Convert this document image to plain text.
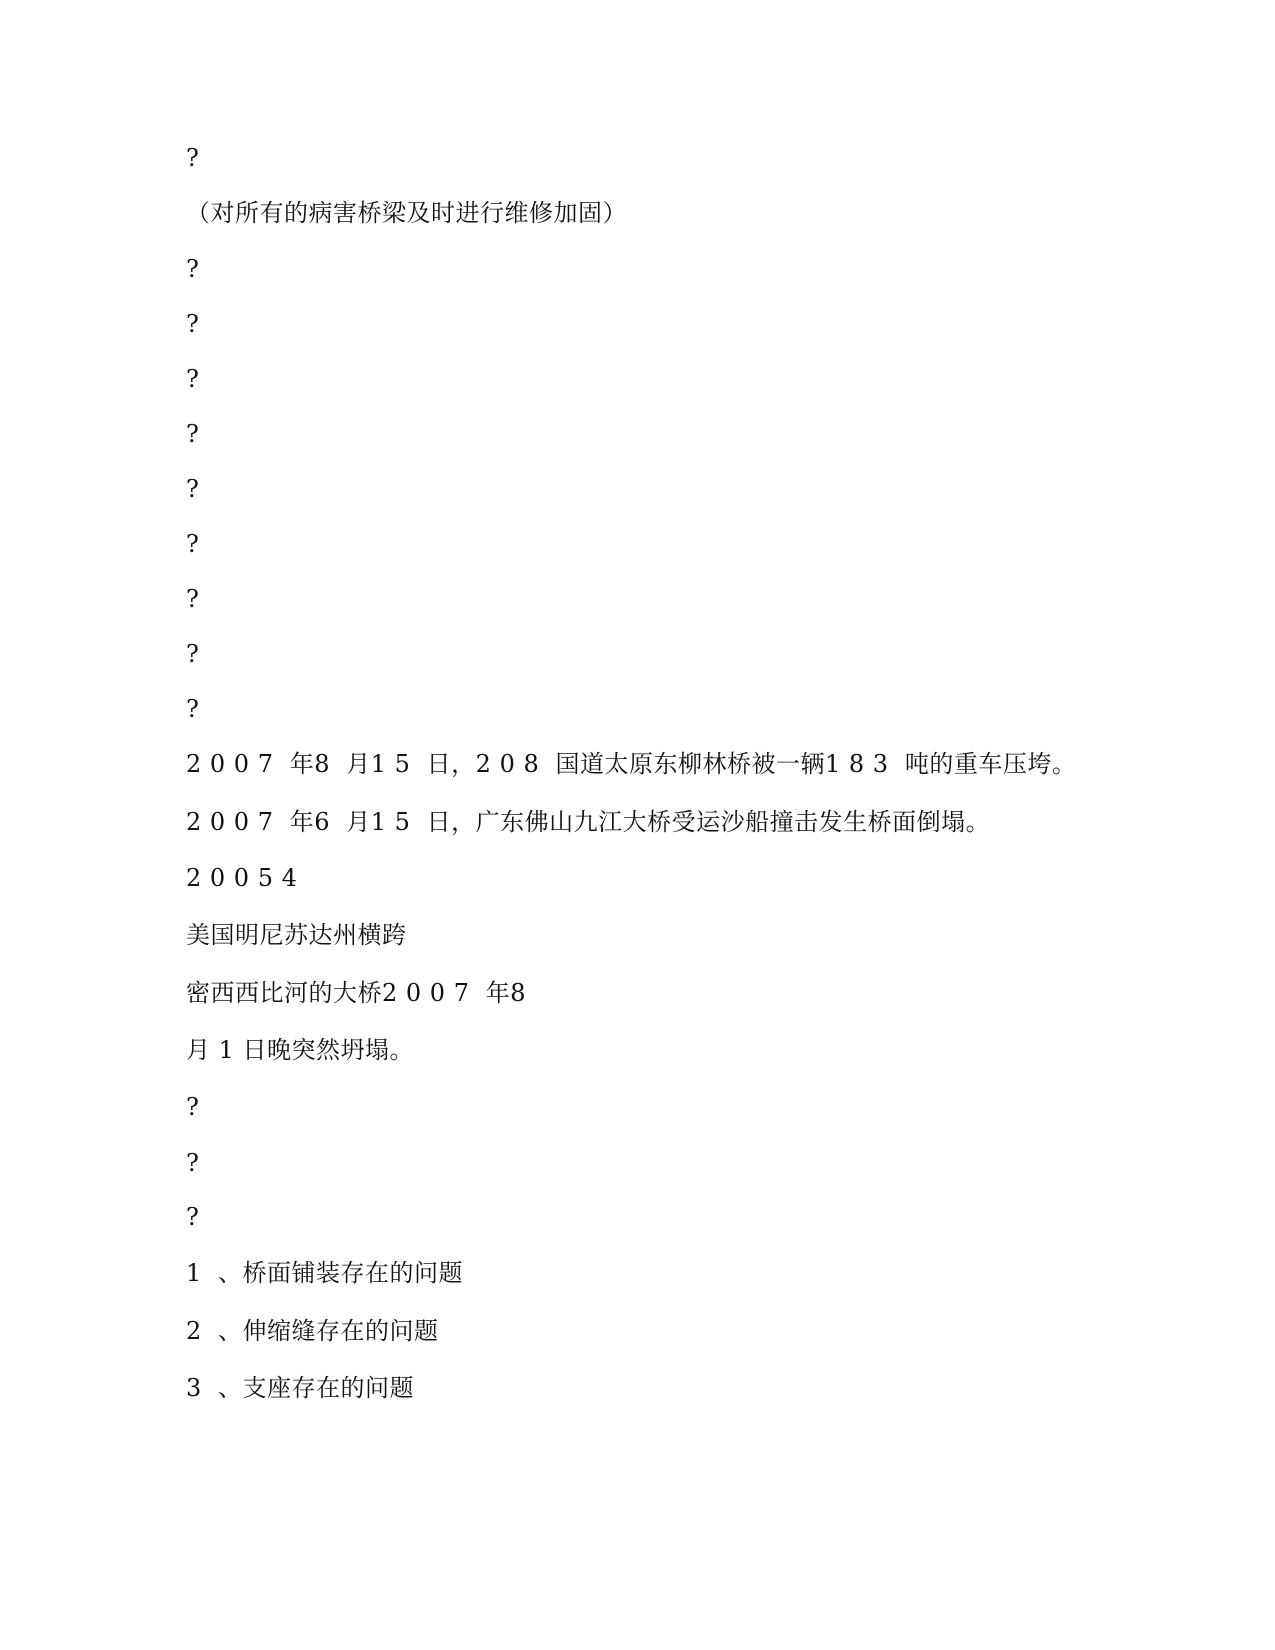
?
（对所有的病害桥梁及时进行维修加固）
?
?
?
?
?
?
?
?
?
2 0 0 7  年8  月1 5  日，2 0 8  国道太原东柳林桥被一辆1 8 3  吨的重车压垮。
2 0 0 7  年6  月1 5  日，广东佛山九江大桥受运沙船撞击发生桥面倒塌。
2 0 0 5 4
美国明尼苏达州横跨
密西西比河的大桥2 0 0 7  年8
月 1 日晚突然坍塌。
?
?
?
1  、桥面铺装存在的问题
2  、伸缩缝存在的问题
3  、支座存在的问题
